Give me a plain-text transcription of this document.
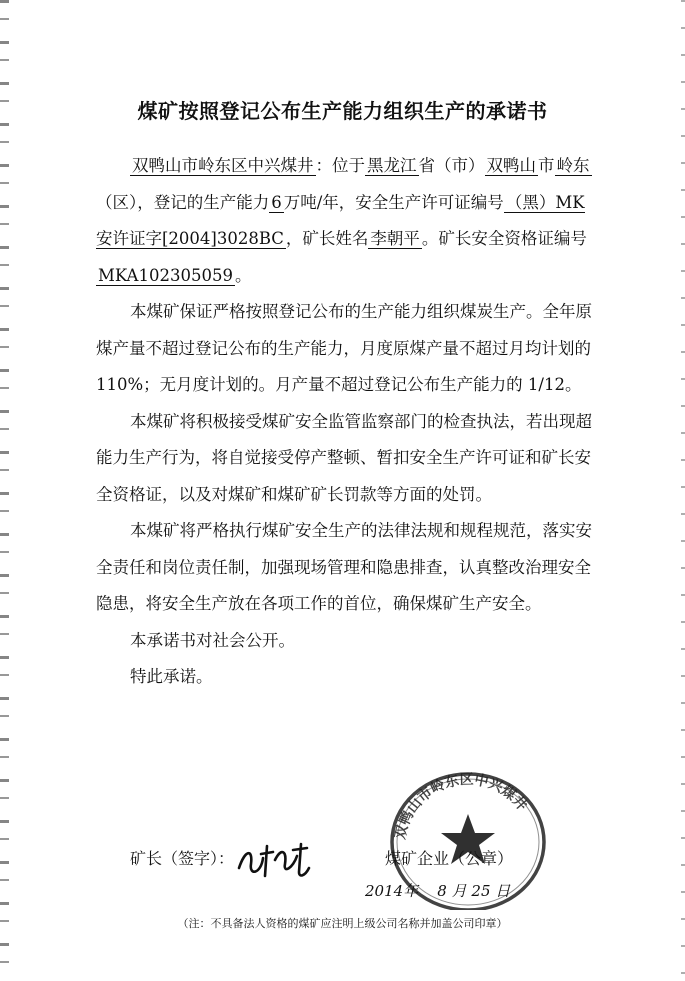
煤矿按照登记公布生产能力组织生产的承诺书

双鸭山市岭东区中兴煤井 ：位于 黑龙江 省（市） 双鸭山 市 岭东（区），登记的生产能力 6 万吨/年，安全生产许可证编号 （黑）MK 安许证字[2004]3028BC ，矿长姓名 李朝平 。矿长安全资格证编号MKA102305059 。

本煤矿保证严格按照登记公布的生产能力组织煤炭生产。全年原煤产量不超过登记公布的生产能力，月度原煤产量不超过月均计划的 110%；无月度计划的。月产量不超过登记公布生产能力的 1/12。

本煤矿将积极接受煤矿安全监管监察部门的检查执法，若出现超能力生产行为，将自觉接受停产整顿、暂扣安全生产许可证和矿长安全资格证，以及对煤矿和煤矿矿长罚款等方面的处罚。

本煤矿将严格执行煤矿安全生产的法律法规和规程规范，落实安全责任和岗位责任制，加强现场管理和隐患排查，认真整改治理安全隐患，将安全生产放在各项工作的首位，确保煤矿生产安全。

本承诺书对社会公开。

特此承诺。

矿长（签字）：
双鸭山市岭东区中兴煤井
煤矿企业（公章）
2014年 8 月 25 日
（注：不具备法人资格的煤矿应注明上级公司名称并加盖公司印章）
